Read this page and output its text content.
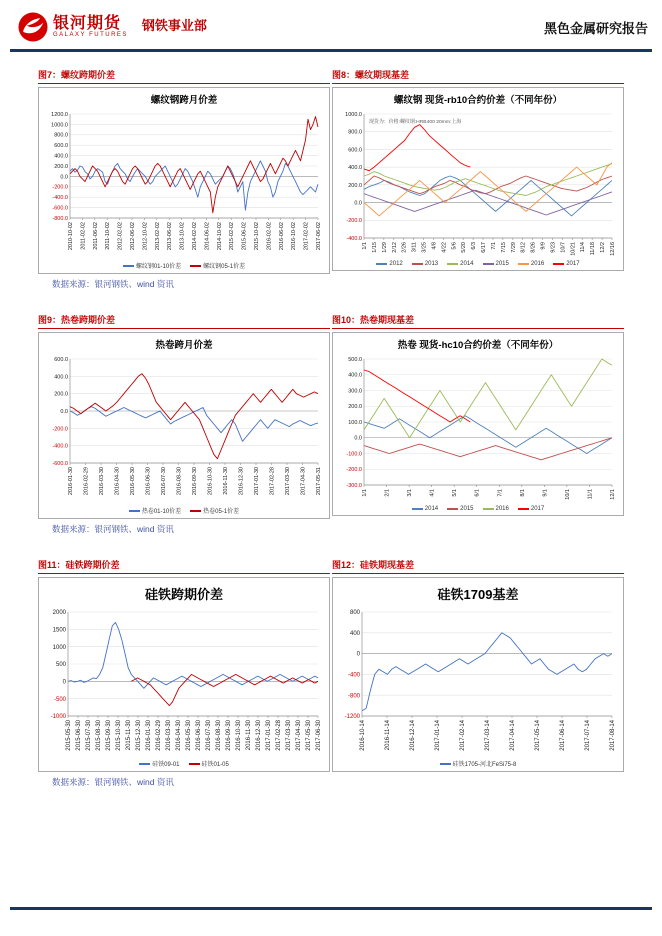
银河期货
GALAXY FUTURES
钢铁事业部	黑色金属研究报告
图7：螺纹跨期价差
螺纹钢跨月价差
-800.0
-600.0
-400.0
-200.0
0.0
200.0
400.0
600.0
800.0
1000.0
1200.0
2010-10-02 2011-02-02 2011-06-02 2011-10-02 2012-02-02 2012-06-02 2012-10-02 2013-02-02 2013-06-02 2013-10-02 2014-02-02 2014-06-02 2014-10-02 2015-02-02 2015-06-02 2015-10-02 2016-02-02 2016-06-02 2016-10-02 2017-02-02 2017-06-02
螺纹钢01-10价差	螺纹钢05-1价差
图8：螺纹期现基差
螺纹钢 现货-rb10合约价差（不同年份）
-400.0
-200.0
0.0
200.0
400.0
600.0
800.0
1000.0
1/1 1/15 1/29 2/12 2/26 3/11 3/25 4/8 4/22 5/6 5/20 6/3 6/17 7/1 7/15 7/29 8/12 8/26 9/9 9/23 10/7 10/21 11/4 11/18 12/2 12/16
现货为：价格:螺纹钢:HRB400 20mm:上海
2012	2013	2014	2015	2016	2017
数据来源：银河钢铁、wind 资讯
图9：热卷跨期价差
热卷跨月价差
-600.0
-400.0
-200.0
0.0
200.0
400.0
600.0
2016-01-30 2016-02-29 2016-03-30 2016-04-30 2016-05-30 2016-06-30 2016-07-30 2016-08-30 2016-09-30 2016-10-30 2016-11-30 2016-12-30 2017-01-30 2017-02-28 2017-03-30 2017-04-30 2017-05-31
热卷01-10价差	热卷05-1价差
图10：热卷期现基差
热卷 现货-hc10合约价差（不同年份）
-300.0
-200.0
-100.0
0.0
100.0
200.0
300.0
400.0
500.0
1/1	2/1	3/1	4/1	5/1	6/1	7/1	8/1	9/1	10/1	11/1	12/1
2014	2015	2016	2017
数据来源：银河钢铁、wind 资讯
图11：硅铁跨期价差
硅铁跨期价差
-1000
-500
0
500
1000
1500
2000
2015-05-30 2015-06-30 2015-07-30 2015-08-30 2015-09-30 2015-10-30 2015-11-30 2015-12-30 2016-01-30 2016-02-29 2016-03-30 2016-04-30 2016-05-30 2016-06-30 2016-07-30 2016-08-30 2016-09-30 2016-10-30 2016-11-30 2016-12-30 2017-01-30 2017-02-28 2017-03-30 2017-04-30 2017-05-30 2017-06-30
硅铁09-01	硅铁01-05
图12：硅铁期现基差
硅铁1709基差
-1200
-800
-400
0
400
800
2016-10-14	2016-11-14	2016-12-14	2017-01-14	2017-02-14	2017-03-14	2017-04-14	2017-05-14	2017-06-14	2017-07-14	2017-08-14
硅铁1705-河北FeSi75-8
数据来源：银河钢铁、wind 资讯
